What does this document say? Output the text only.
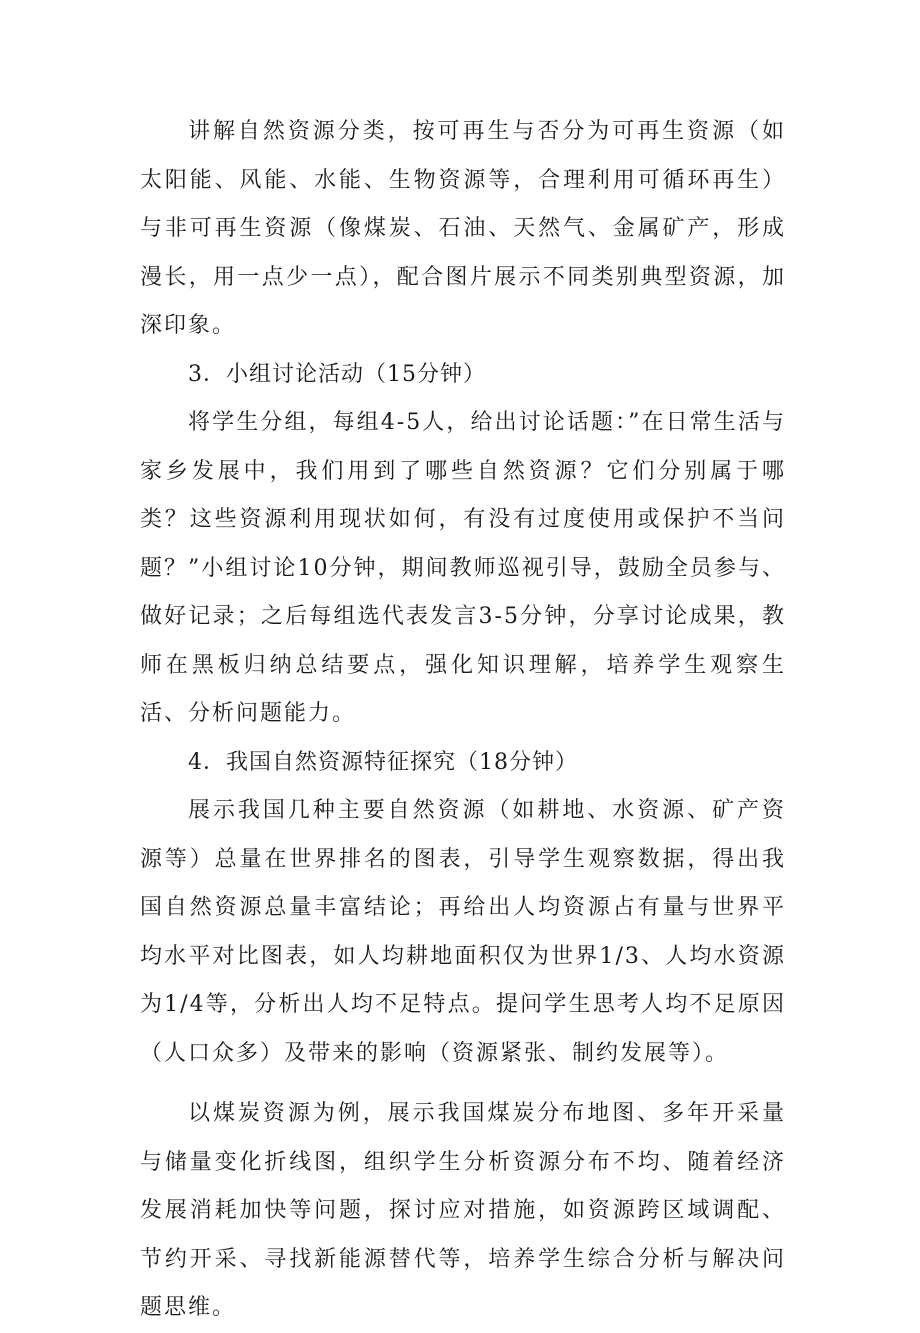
讲解自然资源分类，按可再生与否分为可再生资源（如太阳能、风能、水能、生物资源等，合理利用可循环再生）与非可再生资源（像煤炭、石油、天然气、金属矿产，形成漫长，用一点少一点），配合图片展示不同类别典型资源，加深印象。

3．小组讨论活动（15分钟）

将学生分组，每组4-5人，给出讨论话题：”在日常生活与家乡发展中，我们用到了哪些自然资源？它们分别属于哪类？这些资源利用现状如何，有没有过度使用或保护不当问题？”小组讨论10分钟，期间教师巡视引导，鼓励全员参与、做好记录；之后每组选代表发言3-5分钟，分享讨论成果，教师在黑板归纳总结要点，强化知识理解，培养学生观察生活、分析问题能力。

4．我国自然资源特征探究（18分钟）

展示我国几种主要自然资源（如耕地、水资源、矿产资源等）总量在世界排名的图表，引导学生观察数据，得出我国自然资源总量丰富结论；再给出人均资源占有量与世界平均水平对比图表，如人均耕地面积仅为世界1/3、人均水资源为1/4等，分析出人均不足特点。提问学生思考人均不足原因（人口众多）及带来的影响（资源紧张、制约发展等）。

以煤炭资源为例，展示我国煤炭分布地图、多年开采量与储量变化折线图，组织学生分析资源分布不均、随着经济发展消耗加快等问题，探讨应对措施，如资源跨区域调配、节约开采、寻找新能源替代等，培养学生综合分析与解决问题思维。
